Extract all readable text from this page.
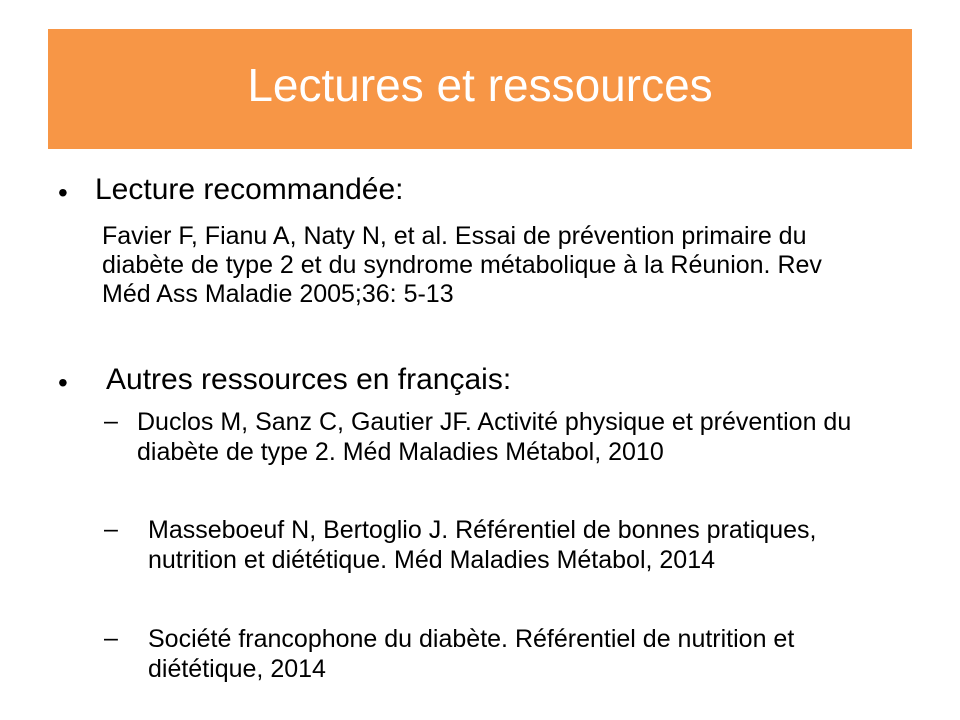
Lectures et ressources
• Lecture recommandée:
Favier F, Fianu A, Naty N, et al. Essai de prévention primaire du diabète de type 2 et du syndrome métabolique à la Réunion. Rev Méd Ass Maladie 2005;36: 5-13
• Autres ressources en français:
– Duclos M, Sanz C, Gautier JF. Activité physique et prévention du diabète de type 2. Méd Maladies Métabol, 2010
– Masseboeuf N, Bertoglio J. Référentiel de bonnes pratiques, nutrition et diététique. Méd Maladies Métabol, 2014
– Société francophone du diabète. Référentiel de nutrition et diététique, 2014
